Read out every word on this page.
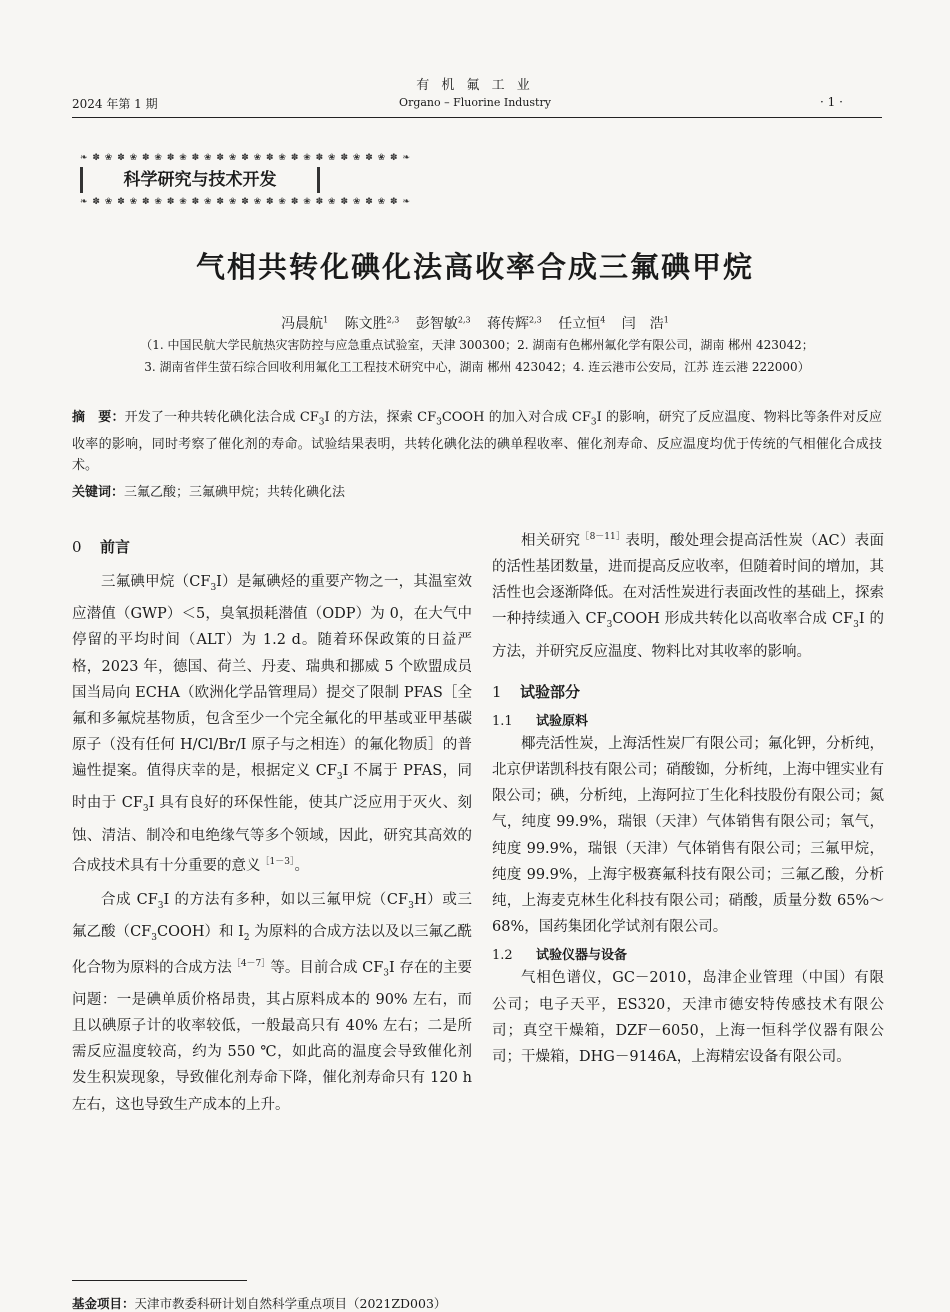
有 机 氟 工 业
Organo – Fluorine Industry
2024 年第 1 期	· 1 ·
❧ ✽ ❀ ✽ ❀ ✽ ❀ ✽ ❀ ✽ ❀ ✽ ❀ ✽ ❀ ✽ ❀ ✽ ❀ ✽ ❀ ✽ ❀ ✽ ❀ ✽ ❧
科学研究与技术开发
❧ ✽ ❀ ✽ ❀ ✽ ❀ ✽ ❀ ✽ ❀ ✽ ❀ ✽ ❀ ✽ ❀ ✽ ❀ ✽ ❀ ✽ ❀ ✽ ❀ ✽ ❧
气相共转化碘化法高收率合成三氟碘甲烷
冯晨航$^1$ 陈文胜$^{2,3}$ 彭智敏$^{2,3}$ 蒋传辉$^{2,3}$ 任立恒$^4$ 闫　浩$^1$
（1. 中国民航大学民航热灾害防控与应急重点试验室，天津 300300；2. 湖南有色郴州氟化学有限公司，湖南 郴州 423042；
3. 湖南省伴生萤石综合回收利用氟化工工程技术研究中心，湖南 郴州 423042；4. 连云港市公安局，江苏 连云港 222000）
摘　要：开发了一种共转化碘化法合成 $CF_3I$ 的方法，探索 $CF_3COOH$ 的加入对合成 $CF_3I$ 的影响，研究了反应温度、物料比等条件对反应收率的影响，同时考察了催化剂的寿命。试验结果表明，共转化碘化法的碘单程收率、催化剂寿命、反应温度均优于传统的气相催化合成技术。
关键词：三氟乙酸；三氟碘甲烷；共转化碘化法
0 前言

三氟碘甲烷$(CF_3I)$是氟碘烃的重要产物之一，其温室效应潜值（GWP）＜5，臭氧损耗潜值（ODP）为 0，在大气中停留的平均时间（ALT）为 1.2 d。随着环保政策的日益严格，2023 年，德国、荷兰、丹麦、瑞典和挪威 5 个欧盟成员国当局向 ECHA（欧洲化学品管理局）提交了限制 PFAS［全氟和多氟烷基物质，包含至少一个完全氟化的甲基或亚甲基碳原子（没有任何 H/Cl/Br/I 原子与之相连）的氟化物质］的普遍性提案。值得庆幸的是，根据定义 $CF_3I$ 不属于 PFAS，同时由于 $CF_3I$ 具有良好的环保性能，使其广泛应用于灭火、刻蚀、清洁、制冷和电绝缘气等多个领域，因此，研究其高效的合成技术具有十分重要的意义$^{[1-3]}$。

合成 $CF_3I$ 的方法有多种，如以三氟甲烷$(CF_3H)$或三氟乙酸$(CF_3COOH)$和 $I_2$ 为原料的合成方法以及以三氟乙酰化合物为原料的合成方法$^{[4-7]}$等。目前合成 $CF_3I$ 存在的主要问题：一是碘单质价格昂贵，其占原料成本的 90% 左右，而且以碘原子计的收率较低，一般最高只有 40% 左右；二是所需反应温度较高，约为 550 ℃，如此高的温度会导致催化剂发生积炭现象，导致催化剂寿命下降，催化剂寿命只有 120 h 左右，这也导致生产成本的上升。

相关研究$^{[8-11]}$表明，酸处理会提高活性炭（AC）表面的活性基团数量，进而提高反应收率，但随着时间的增加，其活性也会逐渐降低。在对活性炭进行表面改性的基础上，探索一种持续通入 $CF_3COOH$ 形成共转化以高收率合成 $CF_3I$ 的方法，并研究反应温度、物料比对其收率的影响。

1 试验部分
1.1 试验原料

椰壳活性炭，上海活性炭厂有限公司；氟化钾，分析纯，北京伊诺凯科技有限公司；硝酸铷，分析纯，上海中锂实业有限公司；碘，分析纯，上海阿拉丁生化科技股份有限公司；氮气，纯度 99.9%，瑞银（天津）气体销售有限公司；氧气，纯度 99.9%，瑞银（天津）气体销售有限公司；三氟甲烷，纯度 99.9%，上海宇极赛氟科技有限公司；三氟乙酸，分析纯，上海麦克林生化科技有限公司；硝酸，质量分数 65%～68%，国药集团化学试剂有限公司。

1.2 试验仪器与设备

气相色谱仪，GC－2010，岛津企业管理（中国）有限公司；电子天平，ES320，天津市德安特传感技术有限公司；真空干燥箱，DZF－6050，上海一恒科学仪器有限公司；干燥箱，DHG－9146A，上海精宏设备有限公司。

基金项目：天津市教委科研计划自然科学重点项目（2021ZD003）
